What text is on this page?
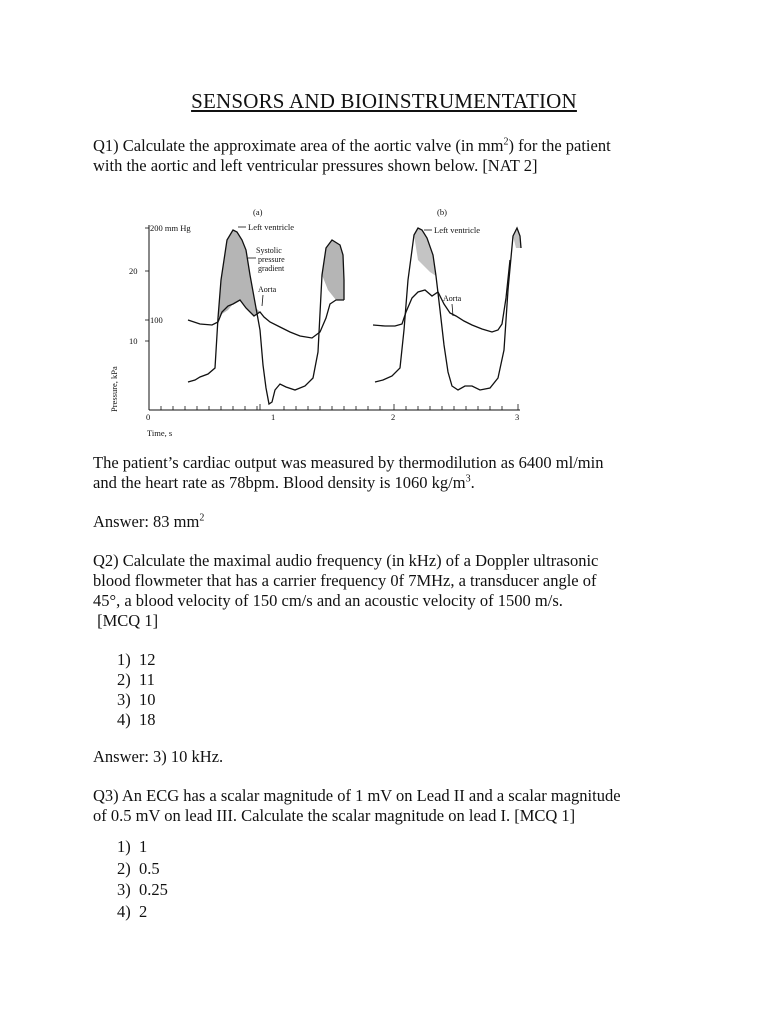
SENSORS AND BIOINSTRUMENTATION
Q1) Calculate the approximate area of the aortic valve (in $mm^2$) for the patient
with the aortic and left ventricular pressures shown below. [NAT 2]
200 mm Hg
20
100
10
Pressure, kPa
0	1	2	3
Time, s
(a)	(b)
Left ventricle
Systolic
pressure
gradient
Aorta
Left ventricle
Aorta
The patient’s cardiac output was measured by thermodilution as 6400 ml/min
and the heart rate as 78bpm. Blood density is 1060 $kg/m^3$.
Answer: 83 $mm^2$
Q2) Calculate the maximal audio frequency (in kHz) of a Doppler ultrasonic
blood flowmeter that has a carrier frequency 0f 7MHz, a transducer angle of
45°, a blood velocity of 150 cm/s and an acoustic velocity of 1500 m/s.
[MCQ 1]
1)  12
2)  11
3)  10
4)  18
Answer: 3) 10 kHz.
Q3) An ECG has a scalar magnitude of 1 mV on Lead II and a scalar magnitude
of 0.5 mV on lead III. Calculate the scalar magnitude on lead I. [MCQ 1]
1)  1
2)  0.5
3)  0.25
4)  2
